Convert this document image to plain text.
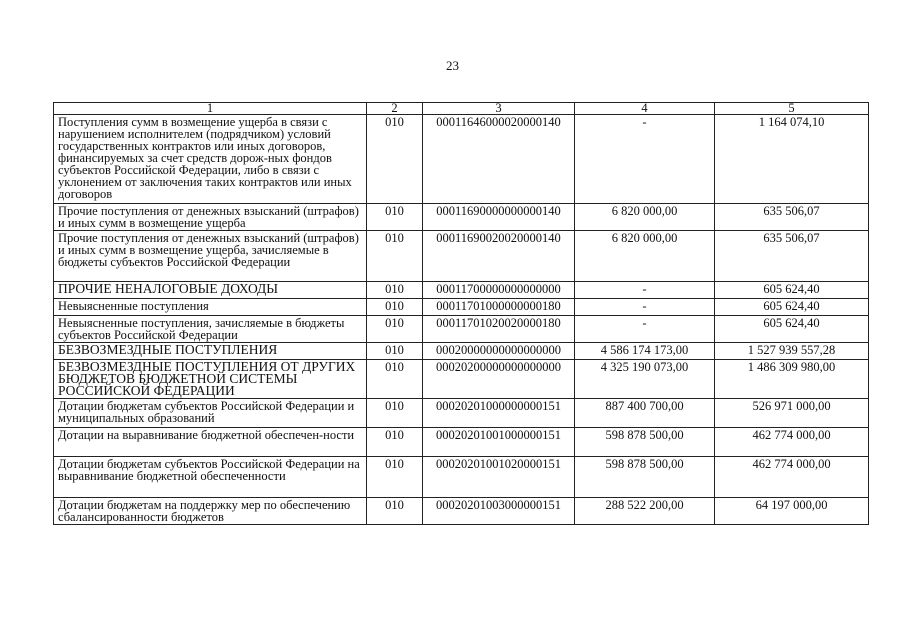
23
1	2	3	4	5
Поступления сумм в возмещение ущерба в связи с нарушением исполнителем (подрядчиком) условий государственных контрактов или иных договоров, финансируемых за счет средств дорож-ных фондов субъектов Российской Федерации, либо в связи с уклонением от заключения таких контрактов или иных договоров	010	00011646000020000140	-	1 164 074,10
Прочие поступления от денежных взысканий (штрафов) и иных сумм в возмещение ущерба	010	00011690000000000140	6 820 000,00	635 506,07
Прочие поступления от денежных взысканий (штрафов) и иных сумм в возмещение ущерба, зачисляемые в бюджеты субъектов Российской Федерации	010	00011690020020000140	6 820 000,00	635 506,07
ПРОЧИЕ НЕНАЛОГОВЫЕ ДОХОДЫ	010	00011700000000000000	-	605 624,40
Невыясненные поступления	010	00011701000000000180	-	605 624,40
Невыясненные поступления, зачисляемые в бюджеты субъектов Российской Федерации	010	00011701020020000180	-	605 624,40
БЕЗВОЗМЕЗДНЫЕ ПОСТУПЛЕНИЯ	010	00020000000000000000	4 586 174 173,00	1 527 939 557,28
БЕЗВОЗМЕЗДНЫЕ ПОСТУПЛЕНИЯ ОТ ДРУГИХ БЮДЖЕТОВ БЮДЖЕТНОЙ СИСТЕМЫ РОССИЙСКОЙ ФЕДЕРАЦИИ	010	00020200000000000000	4 325 190 073,00	1 486 309 980,00
Дотации бюджетам субъектов Российской Федерации и муниципальных образований	010	00020201000000000151	887 400 700,00	526 971 000,00
Дотации на выравнивание бюджетной обеспечен-ности	010	00020201001000000151	598 878 500,00	462 774 000,00
Дотации бюджетам субъектов Российской Федерации на выравнивание бюджетной обеспеченности	010	00020201001020000151	598 878 500,00	462 774 000,00
Дотации бюджетам на поддержку мер по обеспечению сбалансированности бюджетов	010	00020201003000000151	288 522 200,00	64 197 000,00
